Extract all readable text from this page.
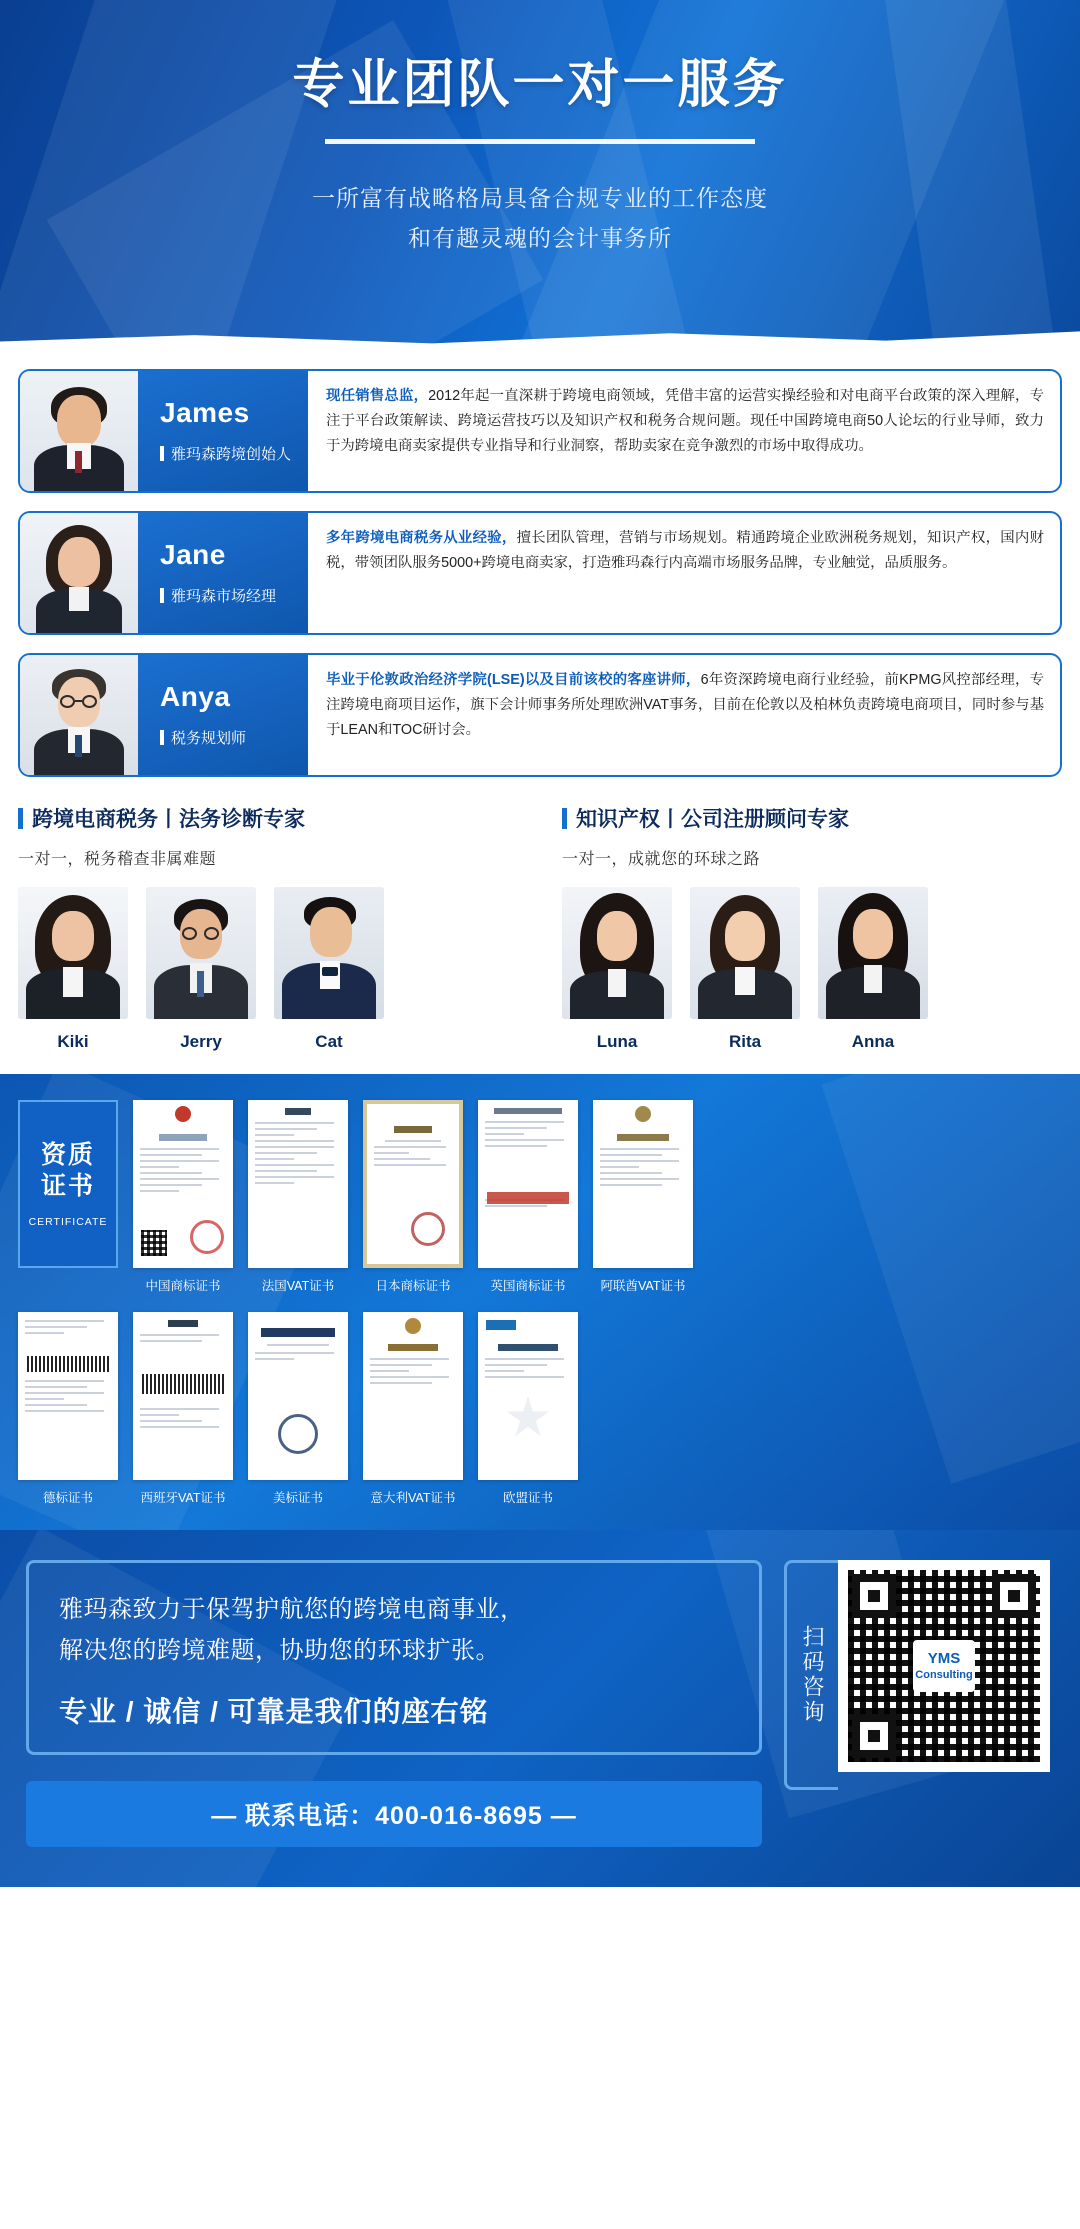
专业团队一对一服务
一所富有战略格局具备合规专业的工作态度
和有趣灵魂的会计事务所
James
雅玛森跨境创始人
现任销售总监，2012年起一直深耕于跨境电商领域，凭借丰富的运营实操经验和对电商平台政策的深入理解，专注于平台政策解读、跨境运营技巧以及知识产权和税务合规问题。现任中国跨境电商50人论坛的行业导师，致力于为跨境电商卖家提供专业指导和行业洞察，帮助卖家在竞争激烈的市场中取得成功。
Jane
雅玛森市场经理
多年跨境电商税务从业经验，擅长团队管理，营销与市场规划。精通跨境企业欧洲税务规划，知识产权，国内财税，带领团队服务5000+跨境电商卖家，打造雅玛森行内高端市场服务品牌，专业触觉，品质服务。
Anya
税务规划师
毕业于伦敦政治经济学院(LSE)以及目前该校的客座讲师，6年资深跨境电商行业经验，前KPMG风控部经理，专注跨境电商项目运作，旗下会计师事务所处理欧洲VAT事务，目前在伦敦以及柏林负责跨境电商项目，同时参与基于LEAN和TOC研讨会。
跨境电商税务丨法务诊断专家
一对一，税务稽查非属难题
Kiki	Jerry	Cat
知识产权丨公司注册顾问专家
一对一，成就您的环球之路
Luna	Rita	Anna
资质
证书
CERTIFICATE
中国商标证书	法国VAT证书	日本商标证书	英国商标证书	阿联酋VAT证书
德标证书	西班牙VAT证书	美标证书	意大利VAT证书	欧盟证书
雅玛森致力于保驾护航您的跨境电商事业，
解决您的跨境难题，协助您的环球扩张。
专业 / 诚信 / 可靠是我们的座右铭
— 联系电话：400-016-8695 —
扫码咨询	YMS
Consulting
